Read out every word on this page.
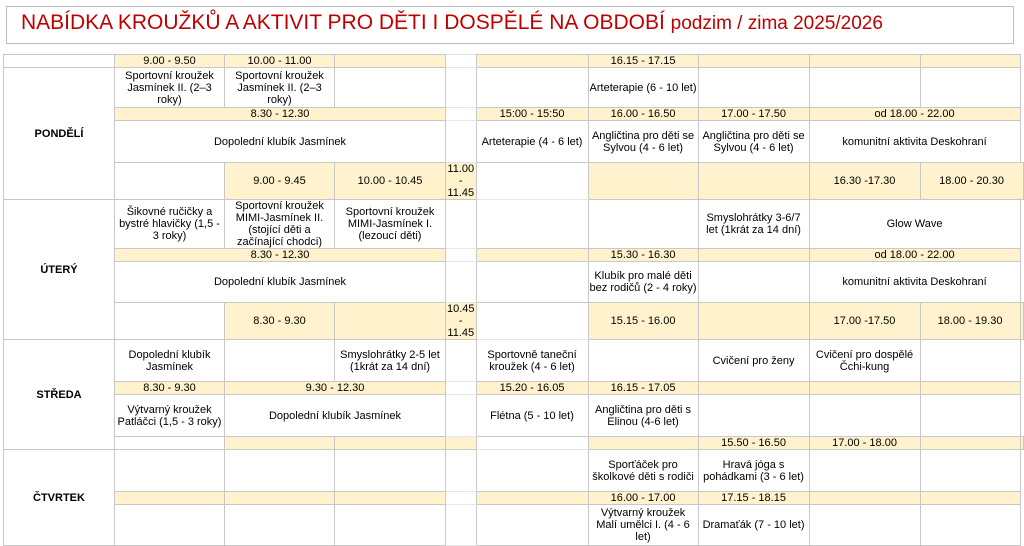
NABÍDKA KROUŽKŮ A AKTIVIT PRO DĚTI I DOSPĚLÉ NA OBDOBÍ podzim / zima 2025/2026
	9.00 - 9.50	10.00 - 11.00				16.15 - 17.15				
PONDĚLÍ	Sportovní kroužek Jasmínek II. (2–3 roky)	Sportovní kroužek Jasmínek II. (2–3 roky)				Arteterapie (6 - 10 let)				
	8.30 - 12.30				15:00 - 15:50	16.00 - 16.50	17.00 - 17.50	od 18.00 - 22.00		
	Dopolední klubík Jasmínek				Arteterapie (4 - 6 let)	Angličtina pro děti se Sylvou (4 - 6 let)	Angličtina pro děti se Sylvou (4 - 6 let)	komunitní aktivita Deskohraní		
		9.00 - 9.45	10.00 - 10.45	11.00 - 11.45				16.30 -17.30	18.00 - 20.30	
ÚTERÝ	Šikovné ručičky a bystré hlavičky (1,5 - 3 roky)	Sportovní kroužek MIMI-Jasmínek II. (stojící děti a začínající chodci)	Sportovní kroužek MIMI-Jasmínek I. (lezoucí děti)				Smyslohrátky 3-6/7 let (1krát za 14 dní)	Glow Wave		
	8.30 - 12.30					15.30 - 16.30		od 18.00 - 22.00		
	Dopolední klubík Jasmínek					Klubík pro malé děti bez rodičů (2 - 4 roky)		komunitní aktivita Deskohraní		
		8.30 - 9.30		10.45 - 11.45		15.15 - 16.00		17.00 -17.50	18.00 - 19.30	
STŘEDA	Dopolední klubík Jasmínek		Smyslohrátky 2-5 let (1krát za 14 dní)		Sportovně taneční kroužek (4 - 6 let)		Cvičení pro ženy	Cvičení pro dospělé Čchi-kung		
	8.30 - 9.30	9.30 - 12.30			15.20 - 16.05	16.15 - 17.05				
	Výtvarný kroužek Patláčci (1,5 - 3 roky)	Dopolední klubík Jasmínek			Flétna (5 - 10 let)	Angličtina pro děti s Elinou (4-6 let)				
							15.50 - 16.50	17.00 - 18.00		
ČTVRTEK						Sporťáček pro školkové děti s rodiči	Hravá jóga s pohádkami (3 - 6 let)			
						16.00 - 17.00	17.15 - 18.15			
						Výtvarný kroužek Malí umělci I. (4 - 6 let)	Dramaťák (7 - 10 let)			
